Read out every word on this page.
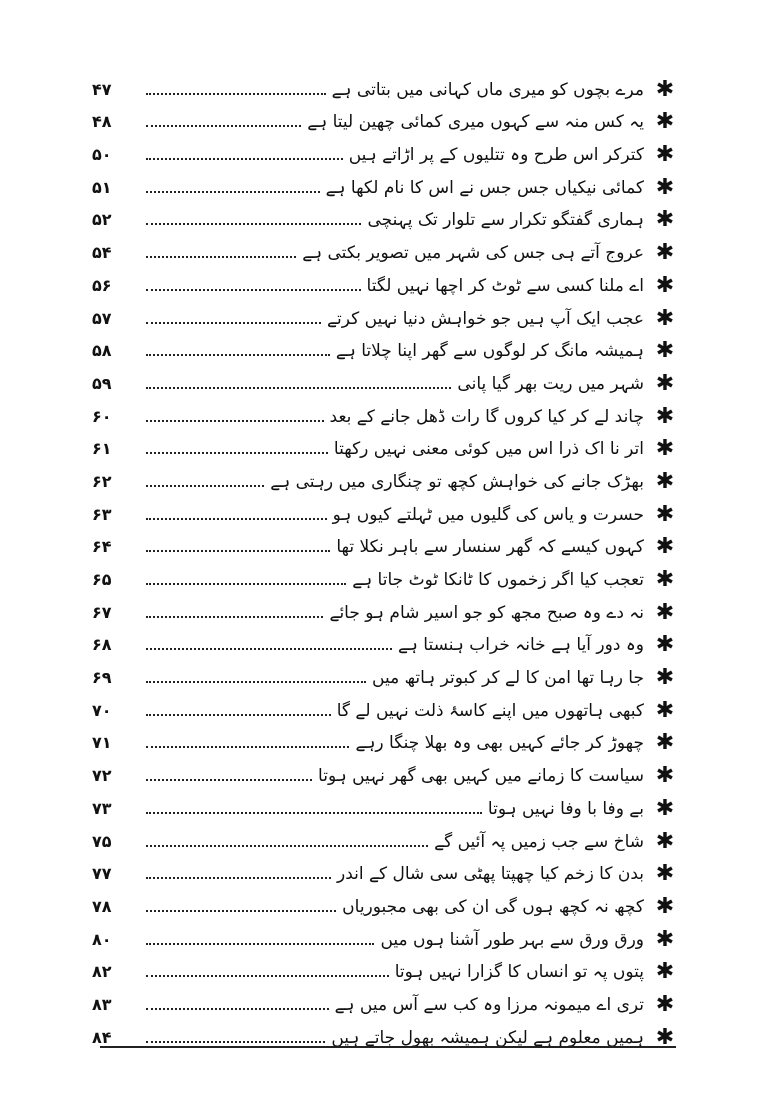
✱
مرے بچوں کو میری ماں کہانی میں بتاتی ہے
۴۷
✱
یہ کس منہ سے کہوں میری کمائی چھین لیتا ہے
۴۸
✱
کترکر اس طرح وہ تتلیوں کے پر اڑاتے ہیں
۵۰
✱
کمائی نیکیاں جس جس نے اس کا نام لکھا ہے
۵۱
✱
ہماری گفتگو تکرار سے تلوار تک پہنچی
۵۲
✱
عروج آتے ہی جس کی شہر میں تصویر بکتی ہے
۵۴
✱
اے ملنا کسی سے ٹوٹ کر اچھا نہیں لگتا
۵۶
✱
عجب ایک آپ ہیں جو خواہش دنیا نہیں کرتے
۵۷
✱
ہمیشہ مانگ کر لوگوں سے گھر اپنا چلاتا ہے
۵۸
✱
شہر میں ریت بھر گیا پانی
۵۹
✱
چاند لے کر کیا کروں گا رات ڈھل جانے کے بعد
۶۰
✱
اتر نا اک ذرا اس میں کوئی معنی نہیں رکھتا
۶۱
✱
بھڑک جانے کی خواہش کچھ تو چنگاری میں رہتی ہے
۶۲
✱
حسرت و یاس کی گلیوں میں ٹہلتے کیوں ہو
۶۳
✱
کہوں کیسے کہ گھر سنسار سے باہر نکلا تھا
۶۴
✱
تعجب کیا اگر زخموں کا ٹانکا ٹوٹ جاتا ہے
۶۵
✱
نہ دے وہ صبح مجھ کو جو اسیر شام ہو جائے
۶۷
✱
وہ دور آیا ہے خانہ خراب ہنستا ہے
۶۸
✱
جا رہا تھا امن کا لے کر کبوتر ہاتھ میں
۶۹
✱
کبھی ہاتھوں میں اپنے کاسۂ ذلت نہیں لے گا
۷۰
✱
چھوڑ کر جائے کہیں بھی وہ بھلا چنگا رہے
۷۱
✱
سیاست کا زمانے میں کہیں بھی گھر نہیں ہوتا
۷۲
✱
بے وفا با وفا نہیں ہوتا
۷۳
✱
شاخ سے جب زمیں پہ آئیں گے
۷۵
✱
بدن کا زخم کیا چھپتا پھٹی سی شال کے اندر
۷۷
✱
کچھ نہ کچھ ہوں گی ان کی بھی مجبوریاں
۷۸
✱
ورق ورق سے بہر طور آشنا ہوں میں
۸۰
✱
پتوں پہ تو انساں کا گزارا نہیں ہوتا
۸۲
✱
تری اے میمونہ مرزا وہ کب سے آس میں ہے
۸۳
✱
ہمیں معلوم ہے لیکن ہمیشہ بھول جاتے ہیں
۸۴
